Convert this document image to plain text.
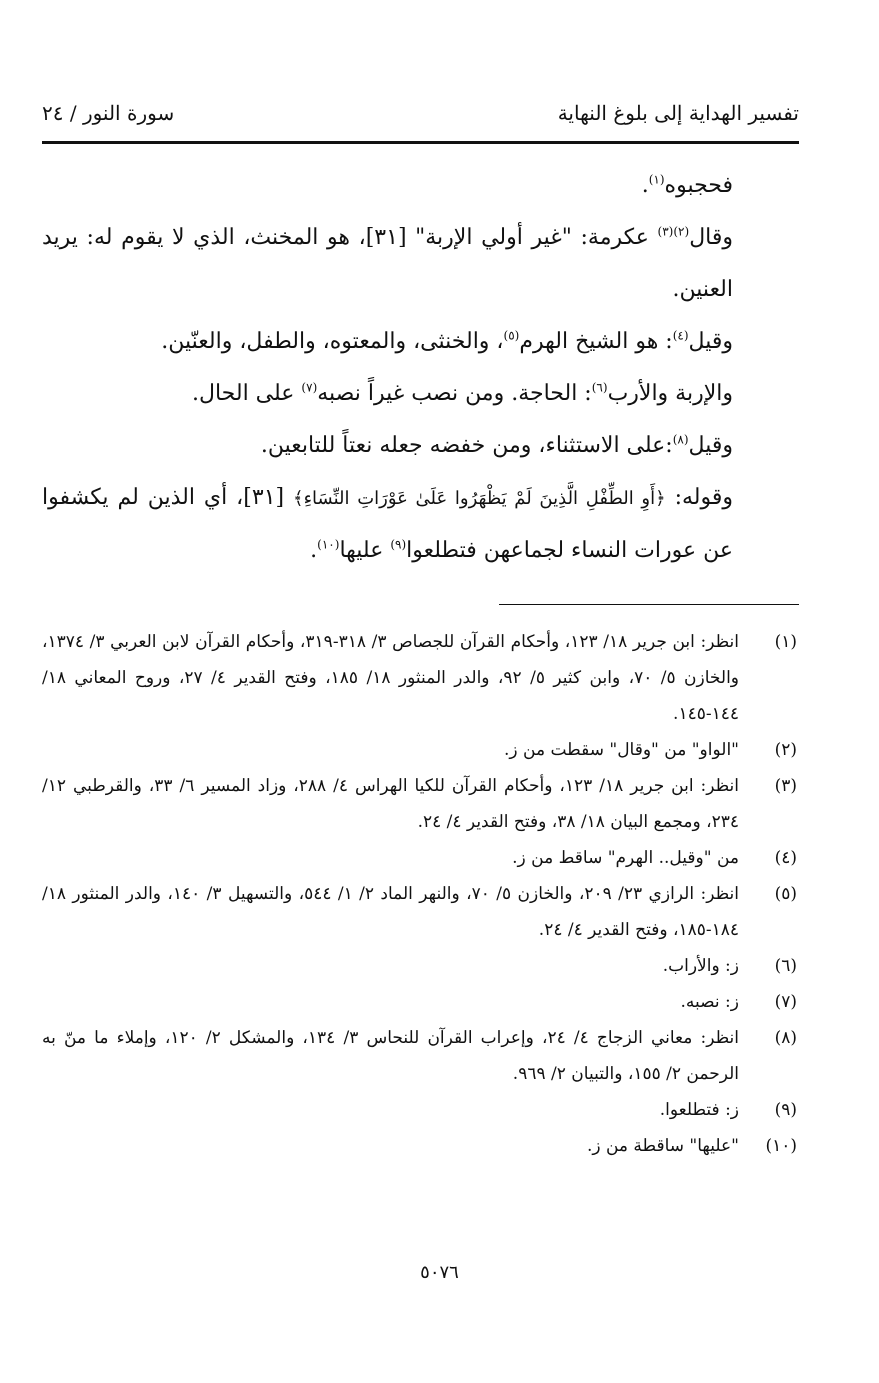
تفسير الهداية إلى بلوغ النهاية
سورة النور / ٢٤

فحجبوه$^{(١)}$.

وقال$^{(٢)(٣)}$ عكرمة: "غير أولي الإربة" [٣١]، هو المخنث، الذي لا يقوم له: يريد العنين.

وقيل$^{(٤)}$: هو الشيخ الهرم$^{(٥)}$، والخنثى، والمعتوه، والطفل، والعنّين.

والإربة والأرب$^{(٦)}$: الحاجة. ومن نصب غيراً نصبه$^{(٧)}$ على الحال.

وقيل$^{(٨)}$:على الاستثناء، ومن خفضه جعله نعتاً للتابعين.

وقوله: ﴿أَوِ الطِّفْلِ الَّذِينَ لَمْ يَظْهَرُوا عَلَىٰ عَوْرَاتِ النِّسَاءِ﴾ [٣١]، أي الذين لم يكشفوا عن عورات النساء لجماعهن فتطلعوا$^{(٩)}$ عليها$^{(١٠)}$.

(١)
انظر: ابن جرير ١٨/ ١٢٣، وأحكام القرآن للجصاص ٣/ ٣١٨-٣١٩، وأحكام القرآن لابن العربي ٣/ ١٣٧٤، والخازن ٥/ ٧٠، وابن كثير ٥/ ٩٢، والدر المنثور ١٨/ ١٨٥، وفتح القدير ٤/ ٢٧، وروح المعاني ١٨/ ١٤٤-١٤٥.
(٢)
"الواو" من "وقال" سقطت من ز.
(٣)
انظر: ابن جرير ١٨/ ١٢٣، وأحكام القرآن للكيا الهراس ٤/ ٢٨٨، وزاد المسير ٦/ ٣٣، والقرطبي ١٢/ ٢٣٤، ومجمع البيان ١٨/ ٣٨، وفتح القدير ٤/ ٢٤.
(٤)
من "وقيل.. الهرم" ساقط من ز.
(٥)
انظر: الرازي ٢٣/ ٢٠٩، والخازن ٥/ ٧٠، والنهر الماد ٢/ ١/ ٥٤٤، والتسهيل ٣/ ١٤٠، والدر المنثور ١٨/ ١٨٤-١٨٥، وفتح القدير ٤/ ٢٤.
(٦)
ز: والأراب.
(٧)
ز: نصبه.
(٨)
انظر: معاني الزجاج ٤/ ٢٤، وإعراب القرآن للنحاس ٣/ ١٣٤، والمشكل ٢/ ١٢٠، وإملاء ما منّ به الرحمن ٢/ ١٥٥، والتبيان ٢/ ٩٦٩.
(٩)
ز: فتطلعوا.
(١٠)
"عليها" ساقطة من ز.
٥٠٧٦
